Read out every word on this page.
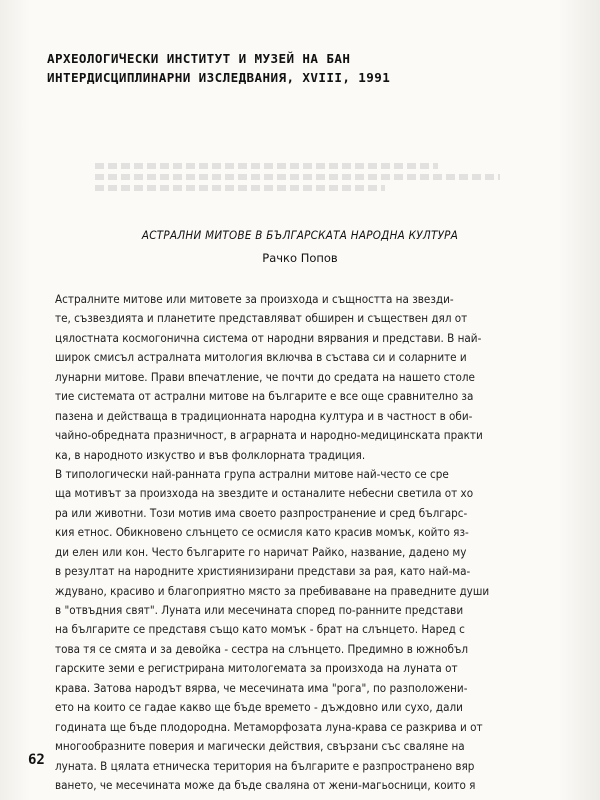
АРХЕОЛОГИЧЕСКИ ИНСТИТУТ И МУЗЕЙ НА БАН
ИНТЕРДИСЦИПЛИНАРНИ ИЗСЛЕДВАНИЯ, XVIII, 1991
АСТРАЛНИ МИТОВЕ В БЪЛГАРСКАТА НАРОДНА КУЛТУРА
Рачко Попов
Астралните митове или митовете за произхода и същността на звезди-
те, съзвездията и планетите представляват обширен и съществен дял от
цялостната космогонична система от народни вярвания и представи. В най-
широк смисъл астралната митология включва в състава си и соларните и
лунарни митове. Прави впечатление, че почти до средата на нашето столе
тие системата от астрални митове на българите е все още сравнително за
пазена и действаща в традиционната народна култура и в частност в оби-
чайно-обредната празничност, в аграрната и народно-медицинската практи
ка, в народното изкуство и във фолклорната традиция.
В типологически най-ранната група астрални митове най-често се сре
ща мотивът за произхода на звездите и останалите небесни светила от хо
ра или животни. Този мотив има своето разпространение и сред българс-
кия етнос. Обикновено слънцето се осмисля като красив момък, който яз-
ди елен или кон. Често българите го наричат Райко, название, дадено му
в резултат на народните християнизирани представи за рая, като най-ма-
ждувано, красиво и благоприятно място за пребиваване на праведните души
в "отвъдния свят". Луната или месечината според по-ранните представи
на българите се представя също като момък - брат на слънцето. Наред с
това тя се смята и за девойка - сестра на слънцето. Предимно в южнобъл
гарските земи е регистрирана митологемата за произхода на луната от
крава. Затова народът вярва, че месечината има "рога", по разположени-
ето на които се гадае какво ще бъде времето - дъждовно или сухо, дали
годината ще бъде плодородна. Метаморфозата луна-крава се разкрива и от
многообразните поверия и магически действия, свързани със сваляне на
луната. В цялата етническа територия на българите е разпространено вяр
ването, че месечината може да бъде сваляна от жени-магьосници, които я
62
